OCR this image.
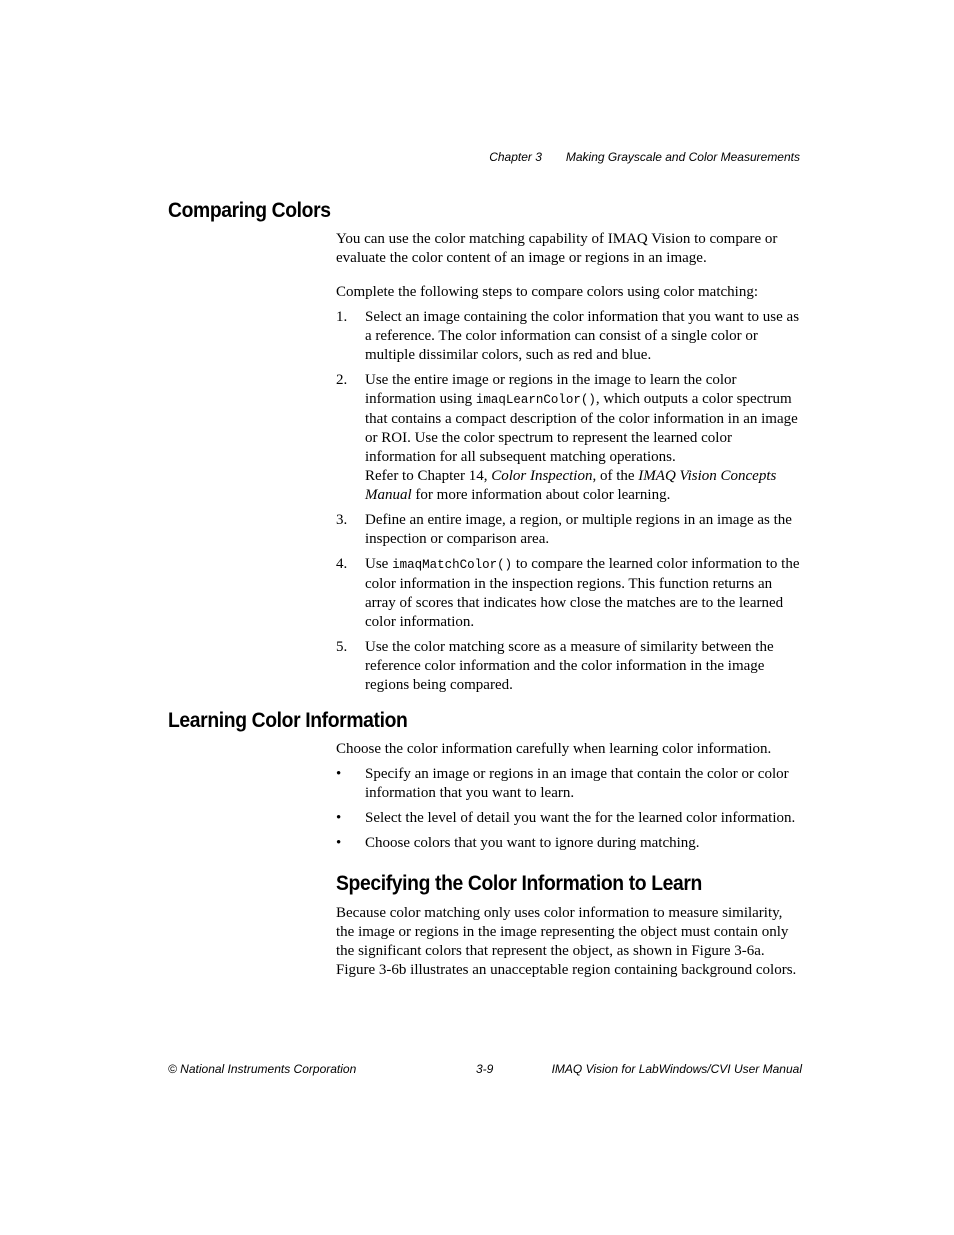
Chapter 3 Making Grayscale and Color Measurements
Comparing Colors

You can use the color matching capability of IMAQ Vision to compare or evaluate the color content of an image or regions in an image.

Complete the following steps to compare colors using color matching:

1. Select an image containing the color information that you want to use as a reference. The color information can consist of a single color or multiple dissimilar colors, such as red and blue.
2. Use the entire image or regions in the image to learn the color information using imaqLearnColor(), which outputs a color spectrum that contains a compact description of the color information in an image or ROI. Use the color spectrum to represent the learned color information for all subsequent matching operations.
Refer to Chapter 14, Color Inspection, of the IMAQ Vision Concepts Manual for more information about color learning.
3. Define an entire image, a region, or multiple regions in an image as the inspection or comparison area.
4. Use imaqMatchColor() to compare the learned color information to the color information in the inspection regions. This function returns an array of scores that indicates how close the matches are to the learned color information.
5. Use the color matching score as a measure of similarity between the reference color information and the color information in the image regions being compared.
Learning Color Information

Choose the color information carefully when learning color information.

• Specify an image or regions in an image that contain the color or color information that you want to learn.
• Select the level of detail you want the for the learned color information.
• Choose colors that you want to ignore during matching.
Specifying the Color Information to Learn

Because color matching only uses color information to measure similarity, the image or regions in the image representing the object must contain only the significant colors that represent the object, as shown in Figure 3-6a. Figure 3-6b illustrates an unacceptable region containing background colors.

© National Instruments Corporation	3-9	IMAQ Vision for LabWindows/CVI User Manual
